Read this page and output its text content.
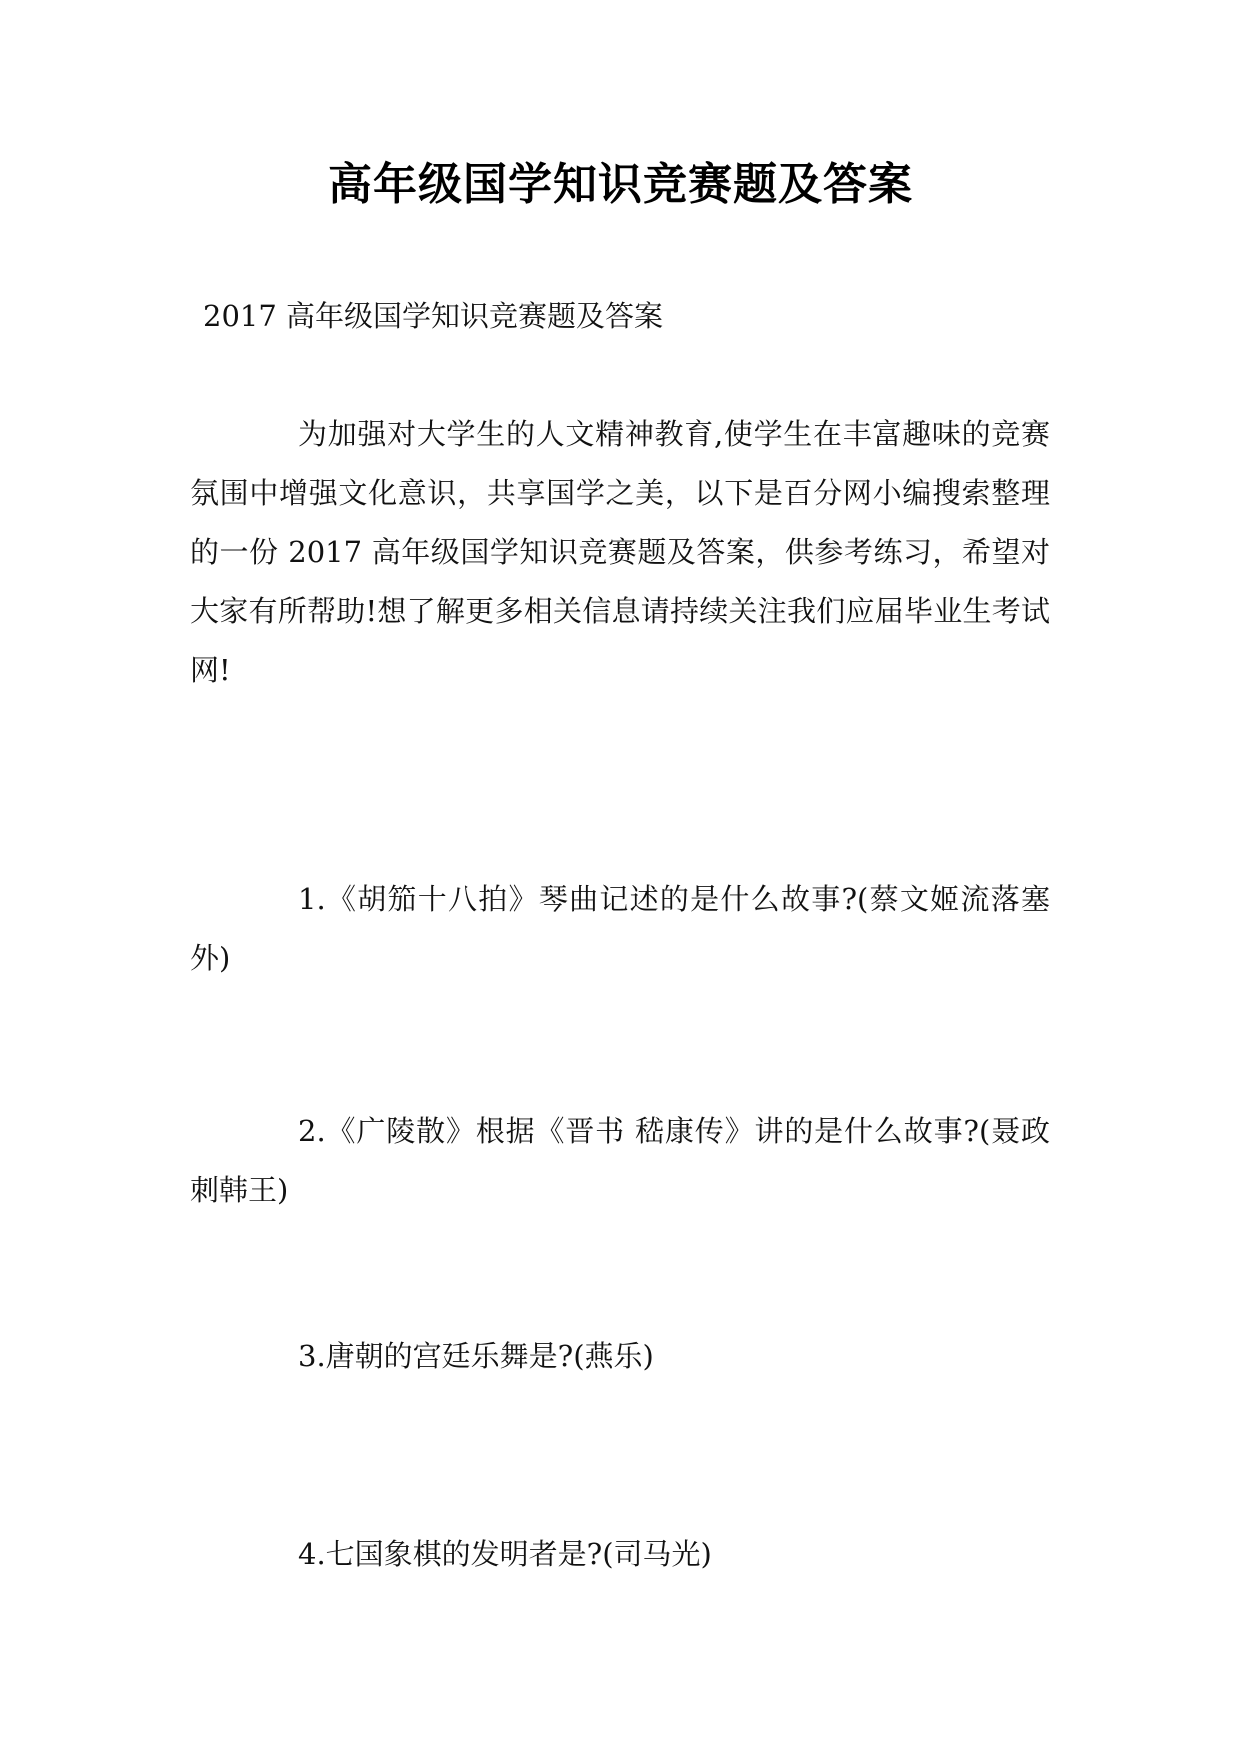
高年级国学知识竞赛题及答案
2017 高年级国学知识竞赛题及答案

为加强对大学生的人文精神教育,使学生在丰富趣味的竞赛氛围中增强文化意识，共享国学之美，以下是百分网小编搜索整理的一份 2017 高年级国学知识竞赛题及答案，供参考练习，希望对大家有所帮助!想了解更多相关信息请持续关注我们应届毕业生考试网!

1.《胡笳十八拍》琴曲记述的是什么故事?(蔡文姬流落塞外)

2.《广陵散》根据《晋书 嵇康传》讲的是什么故事?(聂政刺韩王)

3.唐朝的宫廷乐舞是?(燕乐)

4.七国象棋的发明者是?(司马光)
